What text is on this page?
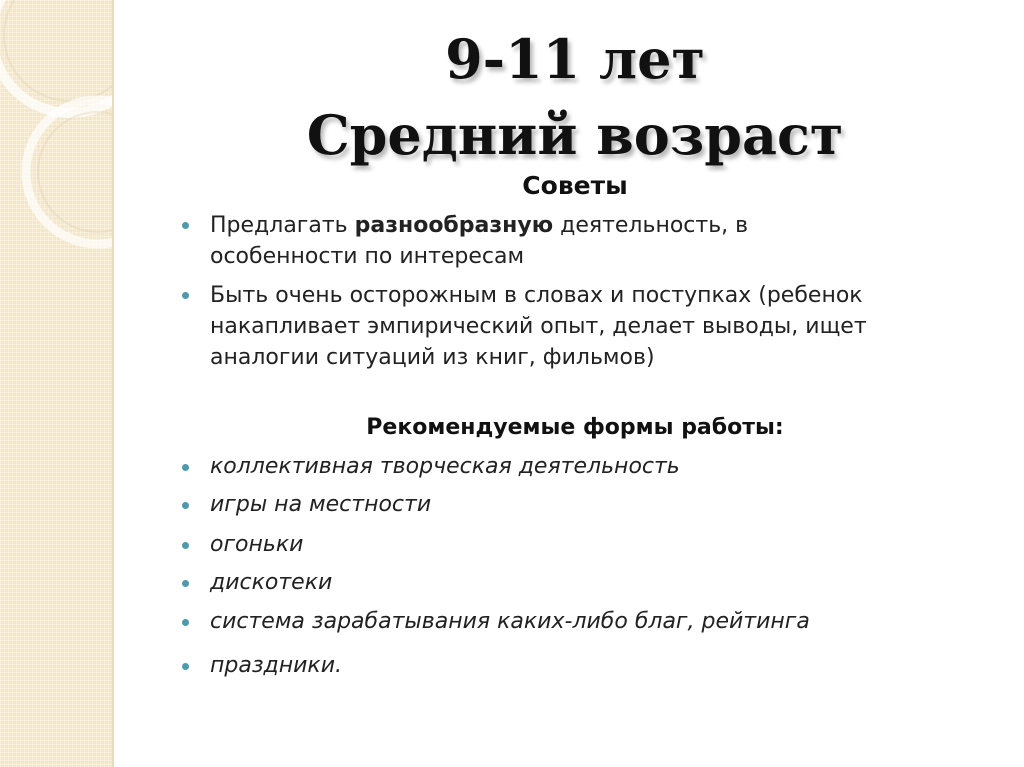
9-11 лет
Средний возраст
Советы
Предлагать разнообразную деятельность, в
особенности по интересам
Быть очень осторожным в словах и поступках (ребенок
накапливает эмпирический опыт, делает выводы, ищет
аналогии ситуаций из книг, фильмов)
Рекомендуемые формы работы:
коллективная творческая деятельность
игры на местности
огоньки
дискотеки
система зарабатывания каких-либо благ, рейтинга
праздники.
